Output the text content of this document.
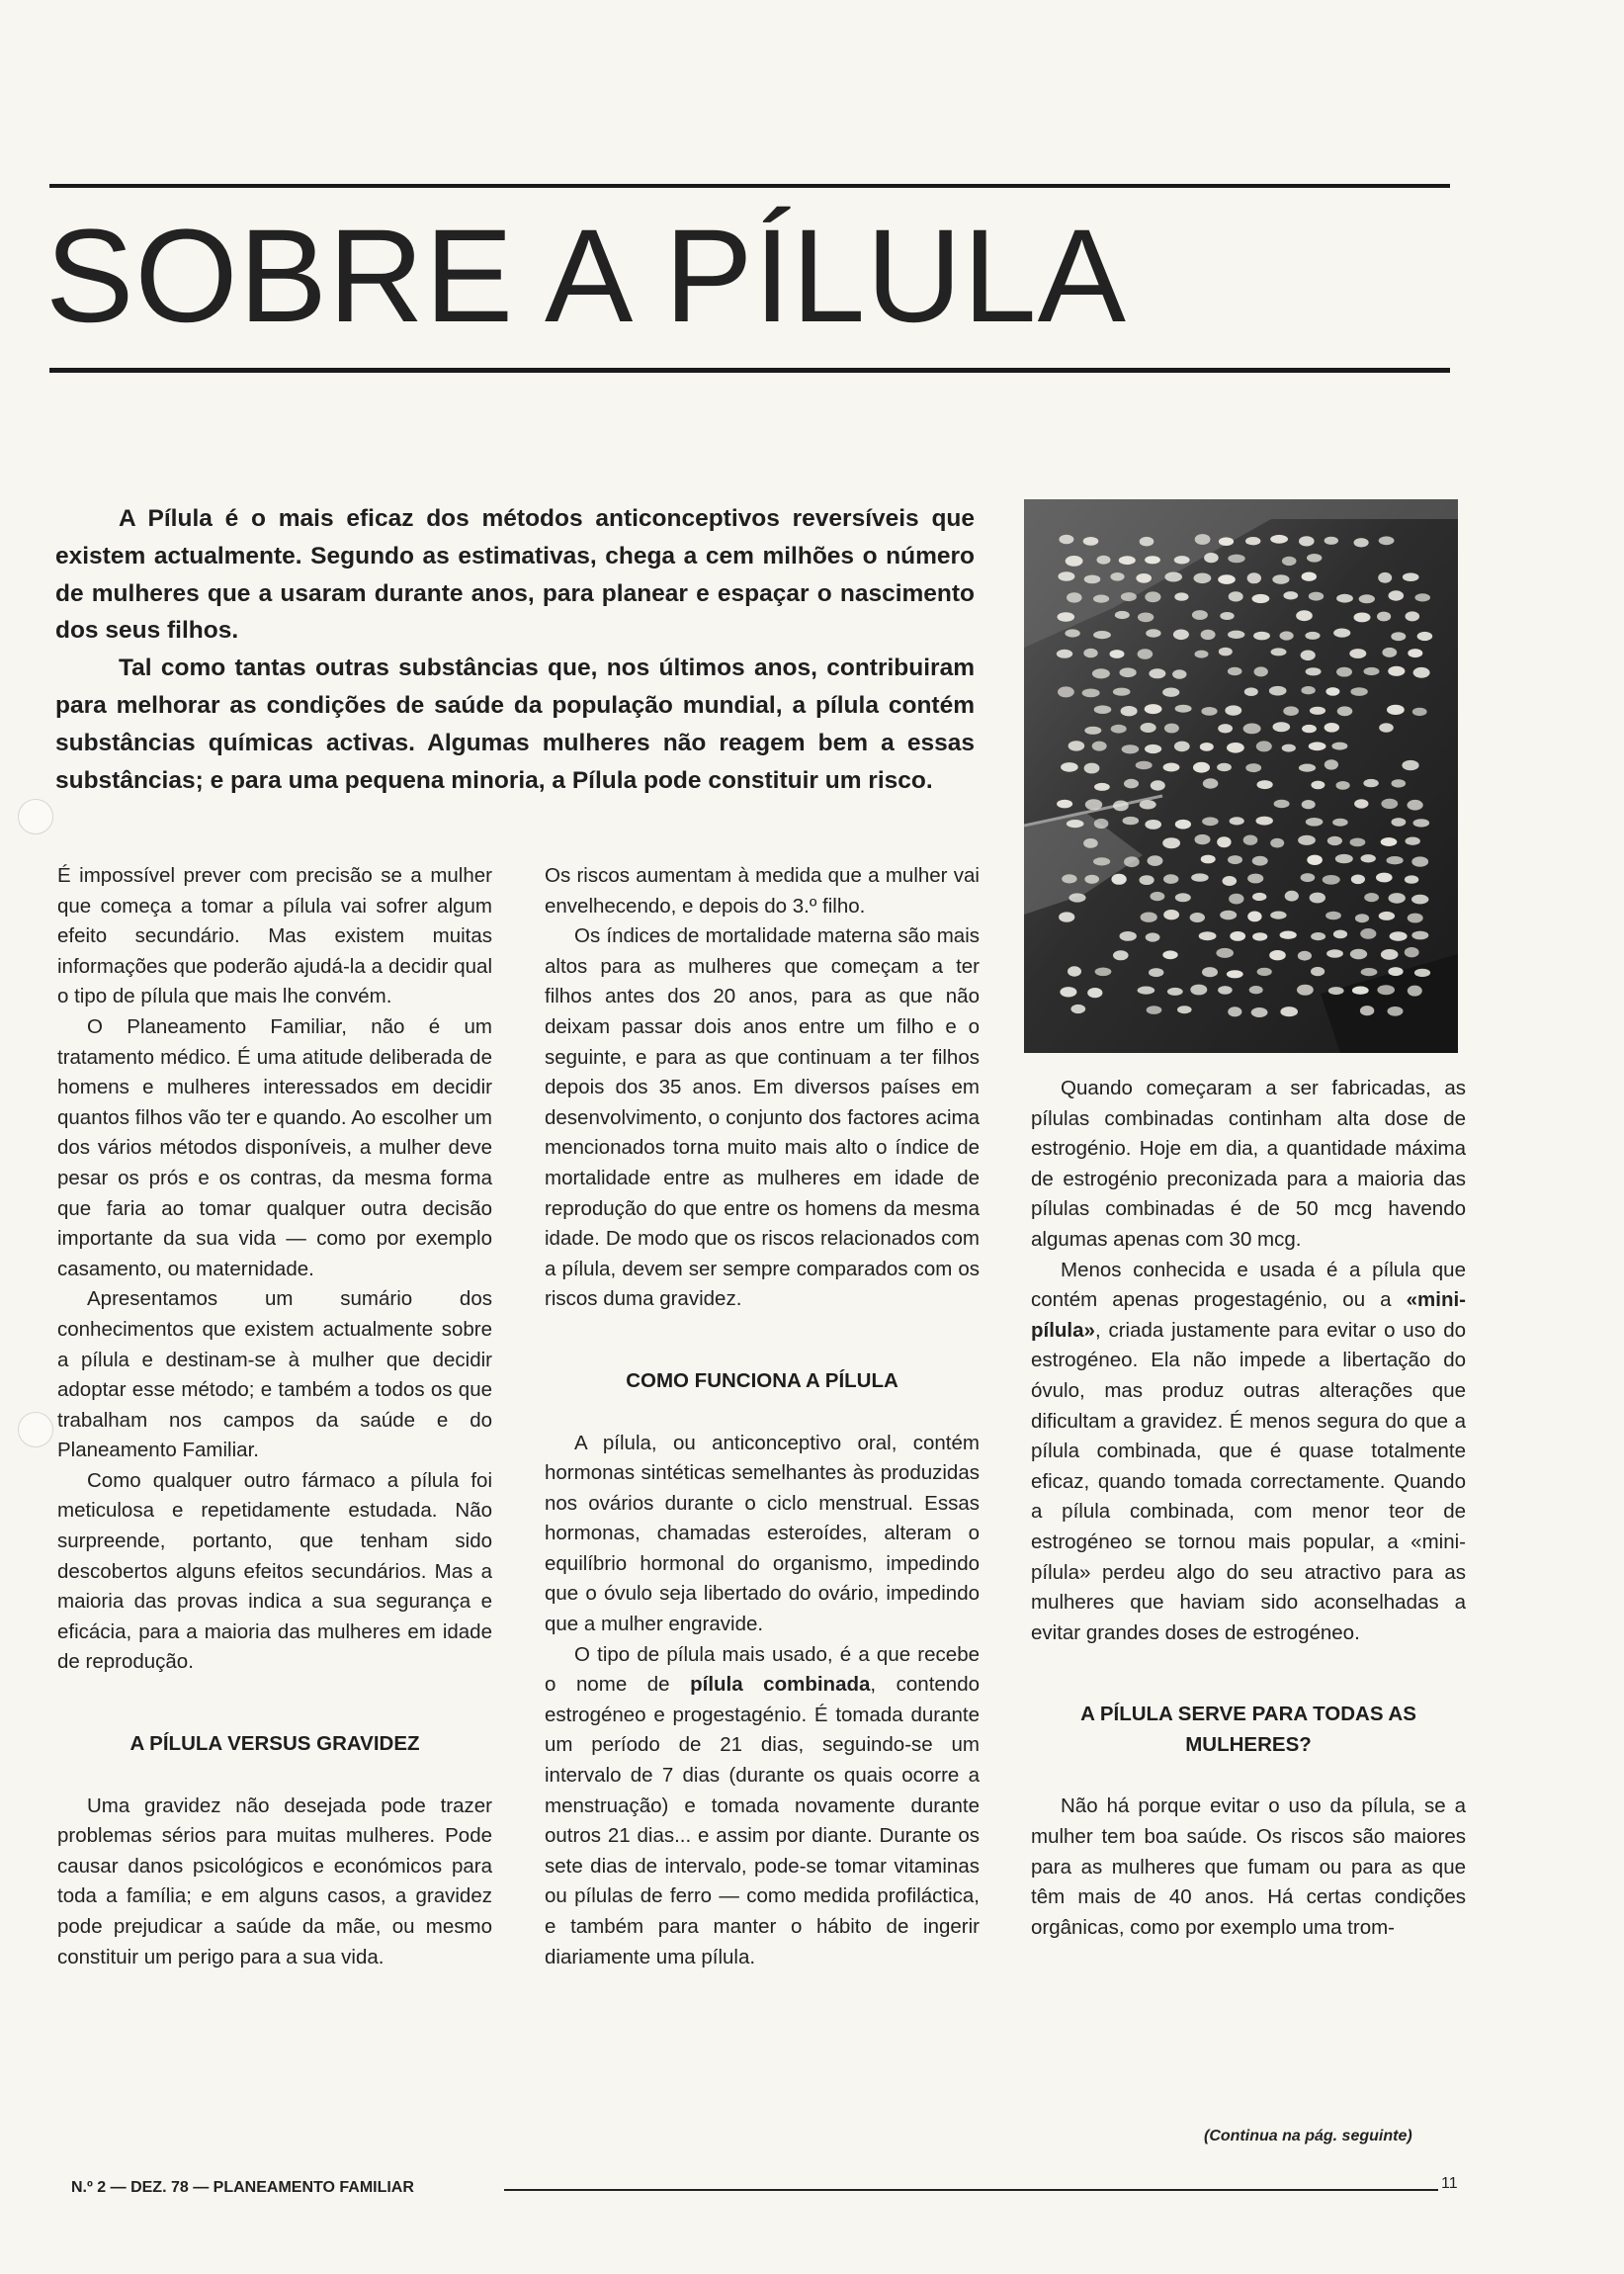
SOBRE A PÍLULA

A Pílula é o mais eficaz dos métodos anticonceptivos reversíveis que existem actualmente. Segundo as estimativas, chega a cem milhões o número de mulheres que a usaram durante anos, para planear e espaçar o nascimento dos seus filhos.

Tal como tantas outras substâncias que, nos últimos anos, contribuiram para melhorar as condições de saúde da população mundial, a pílula contém substâncias químicas activas. Algumas mulheres não reagem bem a essas substâncias; e para uma pequena minoria, a Pílula pode constituir um risco.

É impossível prever com precisão se a mulher que começa a tomar a pílula vai sofrer algum efeito secundário. Mas existem muitas informações que poderão ajudá-la a decidir qual o tipo de pílula que mais lhe convém.

O Planeamento Familiar, não é um tratamento médico. É uma atitude deliberada de homens e mulheres interessados em decidir quantos filhos vão ter e quando. Ao escolher um dos vários métodos disponíveis, a mulher deve pesar os prós e os contras, da mesma forma que faria ao tomar qualquer outra decisão importante da sua vida — como por exemplo casamento, ou maternidade.

Apresentamos um sumário dos conhecimentos que existem actualmente sobre a pílula e destinam-se à mulher que decidir adoptar esse método; e também a todos os que trabalham nos campos da saúde e do Planeamento Familiar.

Como qualquer outro fármaco a pílula foi meticulosa e repetidamente estudada. Não surpreende, portanto, que tenham sido descobertos alguns efeitos secundários. Mas a maioria das provas indica a sua segurança e eficácia, para a maioria das mulheres em idade de reprodução.

A PÍLULA VERSUS GRAVIDEZ

Uma gravidez não desejada pode trazer problemas sérios para muitas mulheres. Pode causar danos psicológicos e económicos para toda a família; e em alguns casos, a gravidez pode prejudicar a saúde da mãe, ou mesmo constituir um perigo para a sua vida.

Os riscos aumentam à medida que a mulher vai envelhecendo, e depois do 3.º filho.

Os índices de mortalidade materna são mais altos para as mulheres que começam a ter filhos antes dos 20 anos, para as que não deixam passar dois anos entre um filho e o seguinte, e para as que continuam a ter filhos depois dos 35 anos. Em diversos países em desenvolvimento, o conjunto dos factores acima mencionados torna muito mais alto o índice de mortalidade entre as mulheres em idade de reprodução do que entre os homens da mesma idade. De modo que os riscos relacionados com a pílula, devem ser sempre comparados com os riscos duma gravidez.

COMO FUNCIONA A PÍLULA

A pílula, ou anticonceptivo oral, contém hormonas sintéticas semelhantes às produzidas nos ovários durante o ciclo menstrual. Essas hormonas, chamadas esteroídes, alteram o equilíbrio hormonal do organismo, impedindo que o óvulo seja libertado do ovário, impedindo que a mulher engravide.

O tipo de pílula mais usado, é a que recebe o nome de pílula combinada, contendo estrogéneo e progestagénio. É tomada durante um período de 21 dias, seguindo-se um intervalo de 7 dias (durante os quais ocorre a menstruação) e tomada novamente durante outros 21 dias... e assim por diante. Durante os sete dias de intervalo, pode-se tomar vitaminas ou pílulas de ferro — como medida profiláctica, e também para manter o hábito de ingerir diariamente uma pílula.

Quando começaram a ser fabricadas, as pílulas combinadas continham alta dose de estrogénio. Hoje em dia, a quantidade máxima de estrogénio preconizada para a maioria das pílulas combinadas é de 50 mcg havendo algumas apenas com 30 mcg.

Menos conhecida e usada é a pílula que contém apenas progestagénio, ou a «mini-pílula», criada justamente para evitar o uso do estrogéneo. Ela não impede a libertação do óvulo, mas produz outras alterações que dificultam a gravidez. É menos segura do que a pílula combinada, que é quase totalmente eficaz, quando tomada correctamente. Quando a pílula combinada, com menor teor de estrogéneo se tornou mais popular, a «mini-pílula» perdeu algo do seu atractivo para as mulheres que haviam sido aconselhadas a evitar grandes doses de estrogéneo.

A PÍLULA SERVE PARA TODAS AS MULHERES?

Não há porque evitar o uso da pílula, se a mulher tem boa saúde. Os riscos são maiores para as mulheres que fumam ou para as que têm mais de 40 anos. Há certas condições orgânicas, como por exemplo uma trom-

(Continua na pág. seguinte)
N.º 2 — DEZ. 78 — PLANEAMENTO FAMILIAR	11
